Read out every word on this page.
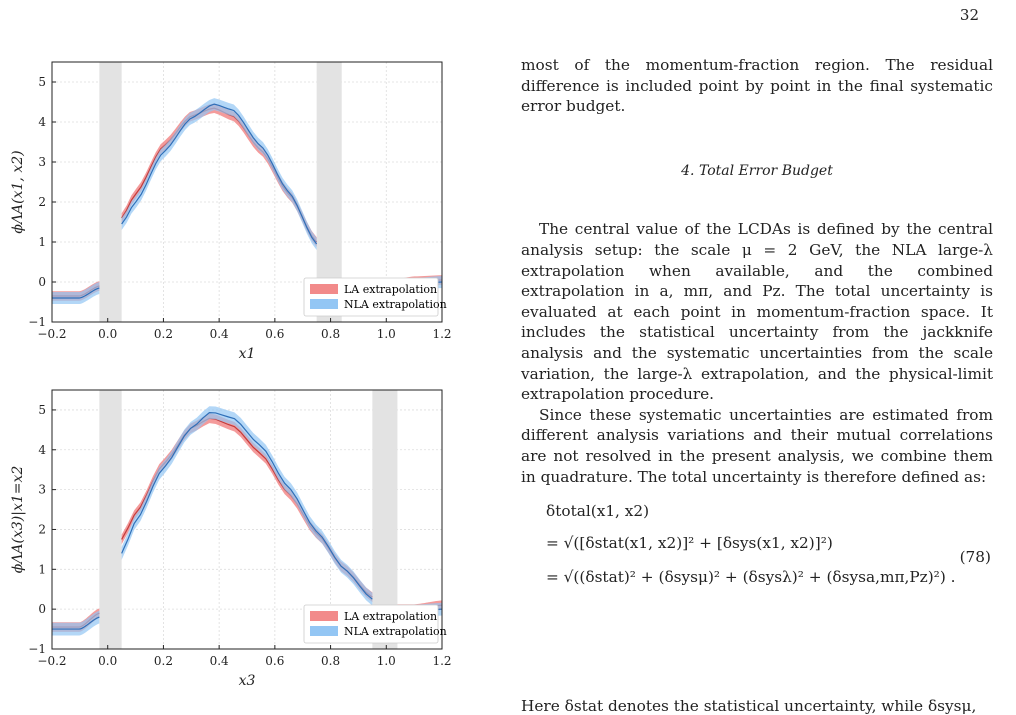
32
−0.2	0.0	0.2	0.4	0.6	0.8	1.0	1.2
−1
0
1
2
3
4
5
x1
ϕΛA(x1, x2)
LA extrapolation
NLA extrapolation
−0.2	0.0	0.2	0.4	0.6	0.8	1.0	1.2
−1
0
1
2
3
4
5
x3
ϕΛA(x3)|x1=x2
LA extrapolation
NLA extrapolation

most of the momentum-fraction region. The residual difference is included point by point in the final systematic error budget.

4. Total Error Budget

The central value of the LCDAs is defined by the central analysis setup: the scale μ = 2 GeV, the NLA large-λ extrapolation when available, and the combined extrapolation in a, mπ, and Pz. The total uncertainty is evaluated at each point in momentum-fraction space. It includes the statistical uncertainty from the jackknife analysis and the systematic uncertainties from the scale variation, the large-λ extrapolation, and the physical-limit extrapolation procedure.

Since these systematic uncertainties are estimated from different analysis variations and their mutual correlations are not resolved in the present analysis, we combine them in quadrature. The total uncertainty is therefore defined as:

δtotal(x1, x2)
= √([δstat(x1, x2)]² + [δsys(x1, x2)]²)
= √((δstat)² + (δsysμ)² + (δsysλ)² + (δsysa,mπ,Pz)²) .
(78)
Here δstat denotes the statistical uncertainty, while δsysμ,
